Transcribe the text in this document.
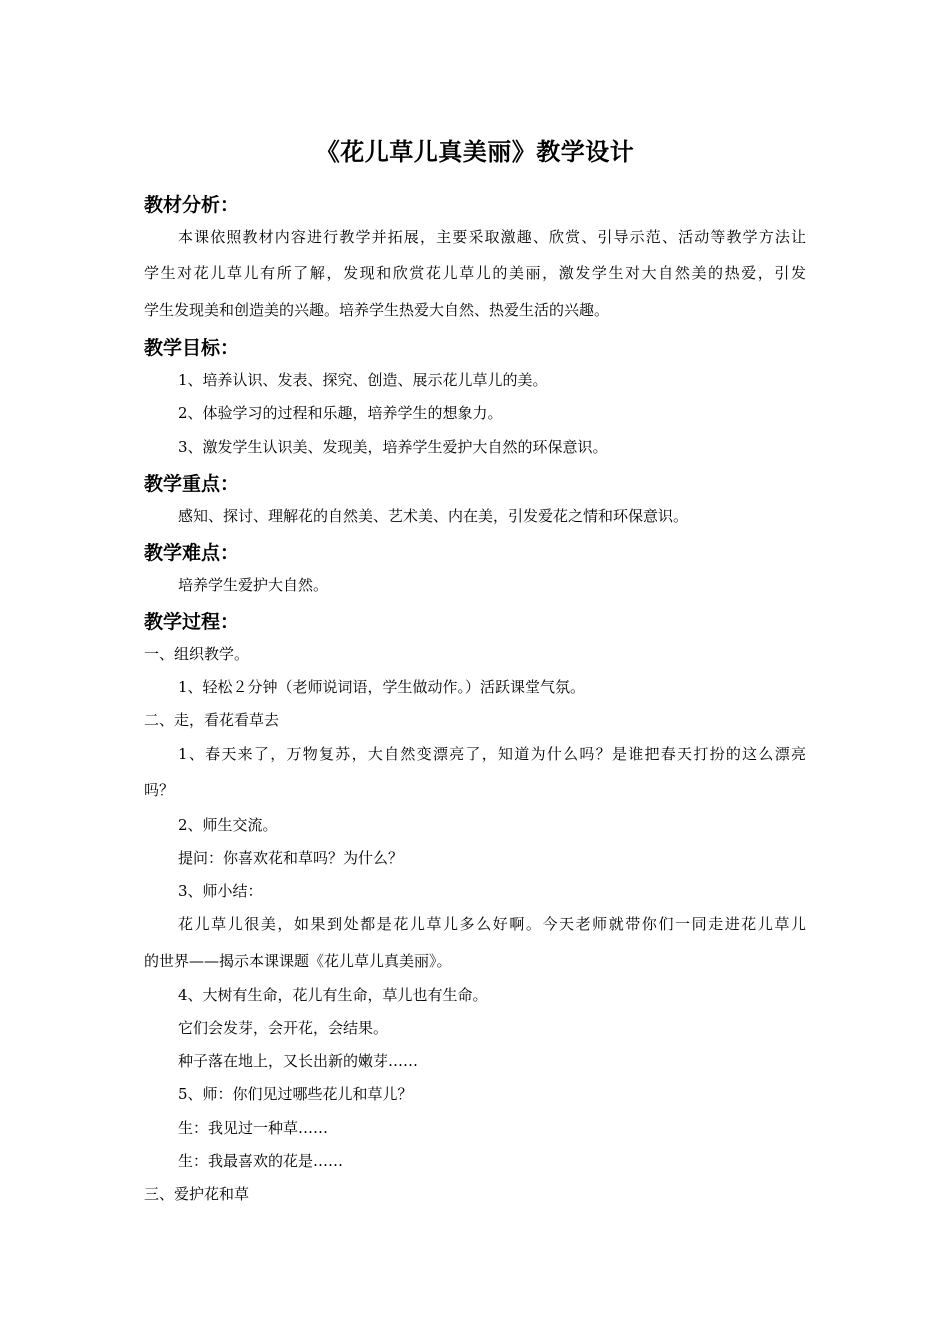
《花儿草儿真美丽》教学设计
教材分析：
本课依照教材内容进行教学并拓展，主要采取激趣、欣赏、引导示范、活动等教学方法让
学生对花儿草儿有所了解，发现和欣赏花儿草儿的美丽，激发学生对大自然美的热爱，引发
学生发现美和创造美的兴趣。培养学生热爱大自然、热爱生活的兴趣。
教学目标：
1、培养认识、发表、探究、创造、展示花儿草儿的美。
2、体验学习的过程和乐趣，培养学生的想象力。
3、激发学生认识美、发现美，培养学生爱护大自然的环保意识。
教学重点：
感知、探讨、理解花的自然美、艺术美、内在美，引发爱花之情和环保意识。
教学难点：
培养学生爱护大自然。
教学过程：
一、组织教学。
1、轻松２分钟（老师说词语，学生做动作。）活跃课堂气氛。
二、走，看花看草去
1、春天来了，万物复苏，大自然变漂亮了，知道为什么吗？是谁把春天打扮的这么漂亮
吗？
2、师生交流。
提问：你喜欢花和草吗？为什么？
3、师小结：
花儿草儿很美，如果到处都是花儿草儿多么好啊。今天老师就带你们一同走进花儿草儿
的世界——揭示本课课题《花儿草儿真美丽》。
4、大树有生命，花儿有生命，草儿也有生命。
它们会发芽，会开花，会结果。
种子落在地上，又长出新的嫩芽……
5、师：你们见过哪些花儿和草儿？
生：我见过一种草……
生：我最喜欢的花是……
三、爱护花和草
